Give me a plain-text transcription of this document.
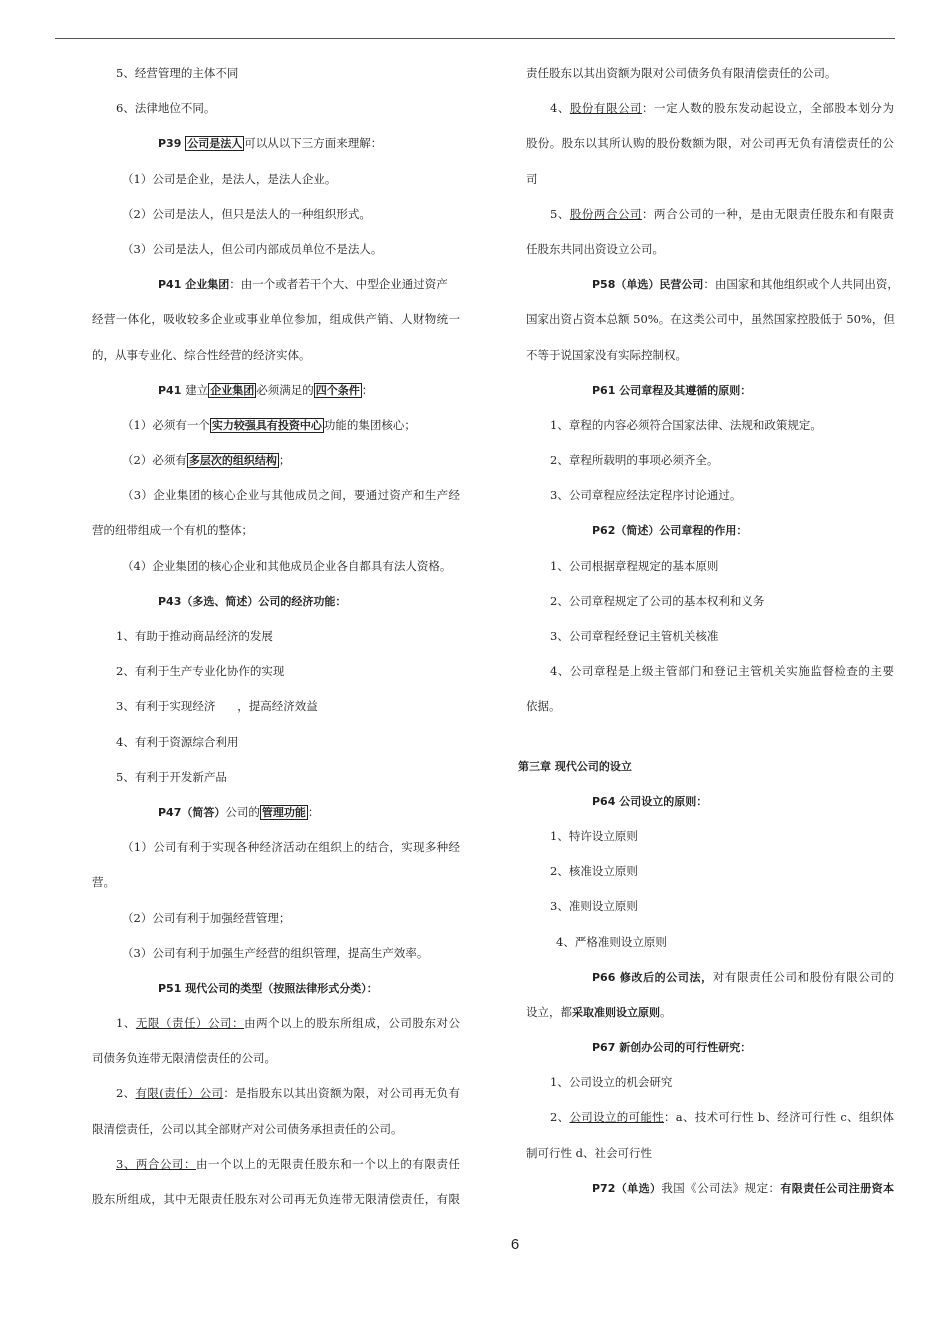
5、经营管理的主体不同
6、法律地位不同。
P39 公司是法人 可以从以下三方面来理解：
（1）公司是企业，是法人，是法人企业。
（2）公司是法人，但只是法人的一种组织形式。
（3）公司是法人，但公司内部成员单位不是法人。
P41 企业集团：由一个或者若干个大、中型企业通过资产
经营一体化，吸收较多企业或事业单位参加，组成供产销、人财物统一
的，从事专业化、综合性经营的经济实体。
P41 建立 企业集团 必须满足的 四个条件 ：
（1）必须有一个 实力较强具有投资中心 功能的集团核心；
（2）必须有 多层次的组织结构 ；
（3）企业集团的核心企业与其他成员之间，要通过资产和生产经
营的纽带组成一个有机的整体；
（4）企业集团的核心企业和其他成员企业各自都具有法人资格。
P43（多选、简述）公司的经济功能：
1、有助于推动商品经济的发展
2、有利于生产专业化协作的实现
3、有利于实现经济      ，提高经济效益
4、有利于资源综合利用
5、有利于开发新产品
P47（简答）公司的 管理功能 ：
（1）公司有利于实现各种经济活动在组织上的结合，实现多种经
营。
（2）公司有利于加强经营管理；
（3）公司有利于加强生产经营的组织管理，提高生产效率。
P51 现代公司的类型（按照法律形式分类）：
1、无限（责任）公司：由两个以上的股东所组成，公司股东对公
司债务负连带无限清偿责任的公司。
2、有限(责任）公司：是指股东以其出资额为限，对公司再无负有
限清偿责任，公司以其全部财产对公司债务承担责任的公司。
3、两合公司：由一个以上的无限责任股东和一个以上的有限责任
股东所组成，其中无限责任股东对公司再无负连带无限清偿责任，有限
责任股东以其出资额为限对公司债务负有限清偿责任的公司。
4、股份有限公司：一定人数的股东发动起设立，全部股本划分为
股份。股东以其所认购的股份数额为限，对公司再无负有清偿责任的公
司
5、股份两合公司：两合公司的一种，是由无限责任股东和有限责
任股东共同出资设立公司。
P58（单选）民营公司：由国家和其他组织或个人共同出资，
国家出资占资本总额 50%。在这类公司中，虽然国家控股低于 50%，但
不等于说国家没有实际控制权。
P61 公司章程及其遵循的原则：
1、章程的内容必须符合国家法律、法规和政策规定。
2、章程所载明的事项必须齐全。
3、公司章程应经法定程序讨论通过。
P62（简述）公司章程的作用：
1、公司根据章程规定的基本原则
2、公司章程规定了公司的基本权利和义务
3、公司章程经登记主管机关核准
4、公司章程是上级主管部门和登记主管机关实施监督检查的主要
依据。
第三章 现代公司的设立
P64 公司设立的原则：
1、特许设立原则
2、核准设立原则
3、准则设立原则
4、严格准则设立原则
P66 修改后的公司法，对有限责任公司和股份有限公司的
设立，都采取准则设立原则。
P67 新创办公司的可行性研究：
1、公司设立的机会研究
2、公司设立的可能性：a、技术可行性 b、经济可行性 c、组织体
制可行性 d、社会可行性
P72（单选）我国《公司法》规定：有限责任公司注册资本
6
